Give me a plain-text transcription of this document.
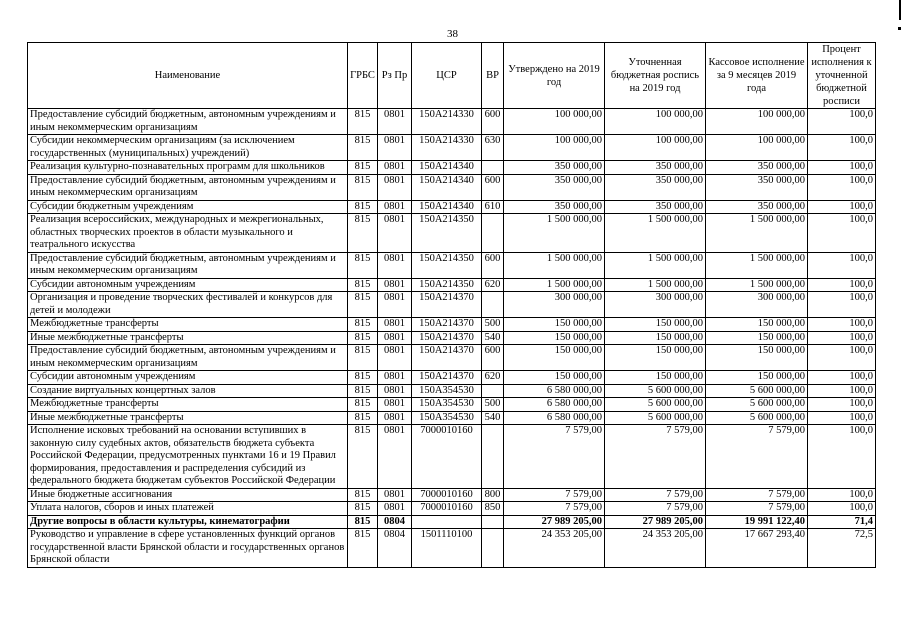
38
Наименование	ГРБС	Рз Пр	ЦСР	ВР	Утверждено на 2019 год	Уточненная бюджетная роспись на 2019 год	Кассовое исполнение за 9 месяцев 2019 года	Процент исполнения к уточненной бюджетной росписи
Предоставление субсидий бюджетным, автономным учреждениям и иным некоммерческим организациям	815	0801	150A214330	600	100 000,00	100 000,00	100 000,00	100,0
Субсидии некоммерческим организациям (за исключением государственных (муниципальных) учреждений)	815	0801	150A214330	630	100 000,00	100 000,00	100 000,00	100,0
Реализация культурно-познавательных программ для школьников	815	0801	150A214340		350 000,00	350 000,00	350 000,00	100,0
Предоставление субсидий бюджетным, автономным учреждениям и иным некоммерческим организациям	815	0801	150A214340	600	350 000,00	350 000,00	350 000,00	100,0
Субсидии бюджетным учреждениям	815	0801	150A214340	610	350 000,00	350 000,00	350 000,00	100,0
Реализация всероссийских, международных и межрегиональных, областных творческих проектов в области музыкального и театрального искусства	815	0801	150A214350		1 500 000,00	1 500 000,00	1 500 000,00	100,0
Предоставление субсидий бюджетным, автономным учреждениям и иным некоммерческим организациям	815	0801	150A214350	600	1 500 000,00	1 500 000,00	1 500 000,00	100,0
Субсидии автономным учреждениям	815	0801	150A214350	620	1 500 000,00	1 500 000,00	1 500 000,00	100,0
Организация и проведение творческих фестивалей и конкурсов для детей и молодежи	815	0801	150A214370		300 000,00	300 000,00	300 000,00	100,0
Межбюджетные трансферты	815	0801	150A214370	500	150 000,00	150 000,00	150 000,00	100,0
Иные межбюджетные трансферты	815	0801	150A214370	540	150 000,00	150 000,00	150 000,00	100,0
Предоставление субсидий бюджетным, автономным учреждениям и иным некоммерческим организациям	815	0801	150A214370	600	150 000,00	150 000,00	150 000,00	100,0
Субсидии автономным учреждениям	815	0801	150A214370	620	150 000,00	150 000,00	150 000,00	100,0
Создание виртуальных концертных залов	815	0801	150A354530		6 580 000,00	5 600 000,00	5 600 000,00	100,0
Межбюджетные трансферты	815	0801	150A354530	500	6 580 000,00	5 600 000,00	5 600 000,00	100,0
Иные межбюджетные трансферты	815	0801	150A354530	540	6 580 000,00	5 600 000,00	5 600 000,00	100,0
Исполнение исковых требований на основании вступивших в законную силу судебных актов, обязательств бюджета субъекта Российской Федерации, предусмотренных пунктами 16 и 19 Правил формирования, предоставления и распределения субсидий из федерального бюджета бюджетам субъектов Российской Федерации	815	0801	7000010160		7 579,00	7 579,00	7 579,00	100,0
Иные бюджетные ассигнования	815	0801	7000010160	800	7 579,00	7 579,00	7 579,00	100,0
Уплата налогов, сборов и иных платежей	815	0801	7000010160	850	7 579,00	7 579,00	7 579,00	100,0
Другие вопросы в области культуры, кинематографии	815	0804			27 989 205,00	27 989 205,00	19 991 122,40	71,4
Руководство и управление в сфере установленных функций органов государственной власти Брянской области и государственных органов Брянской области	815	0804	1501110100		24 353 205,00	24 353 205,00	17 667 293,40	72,5
